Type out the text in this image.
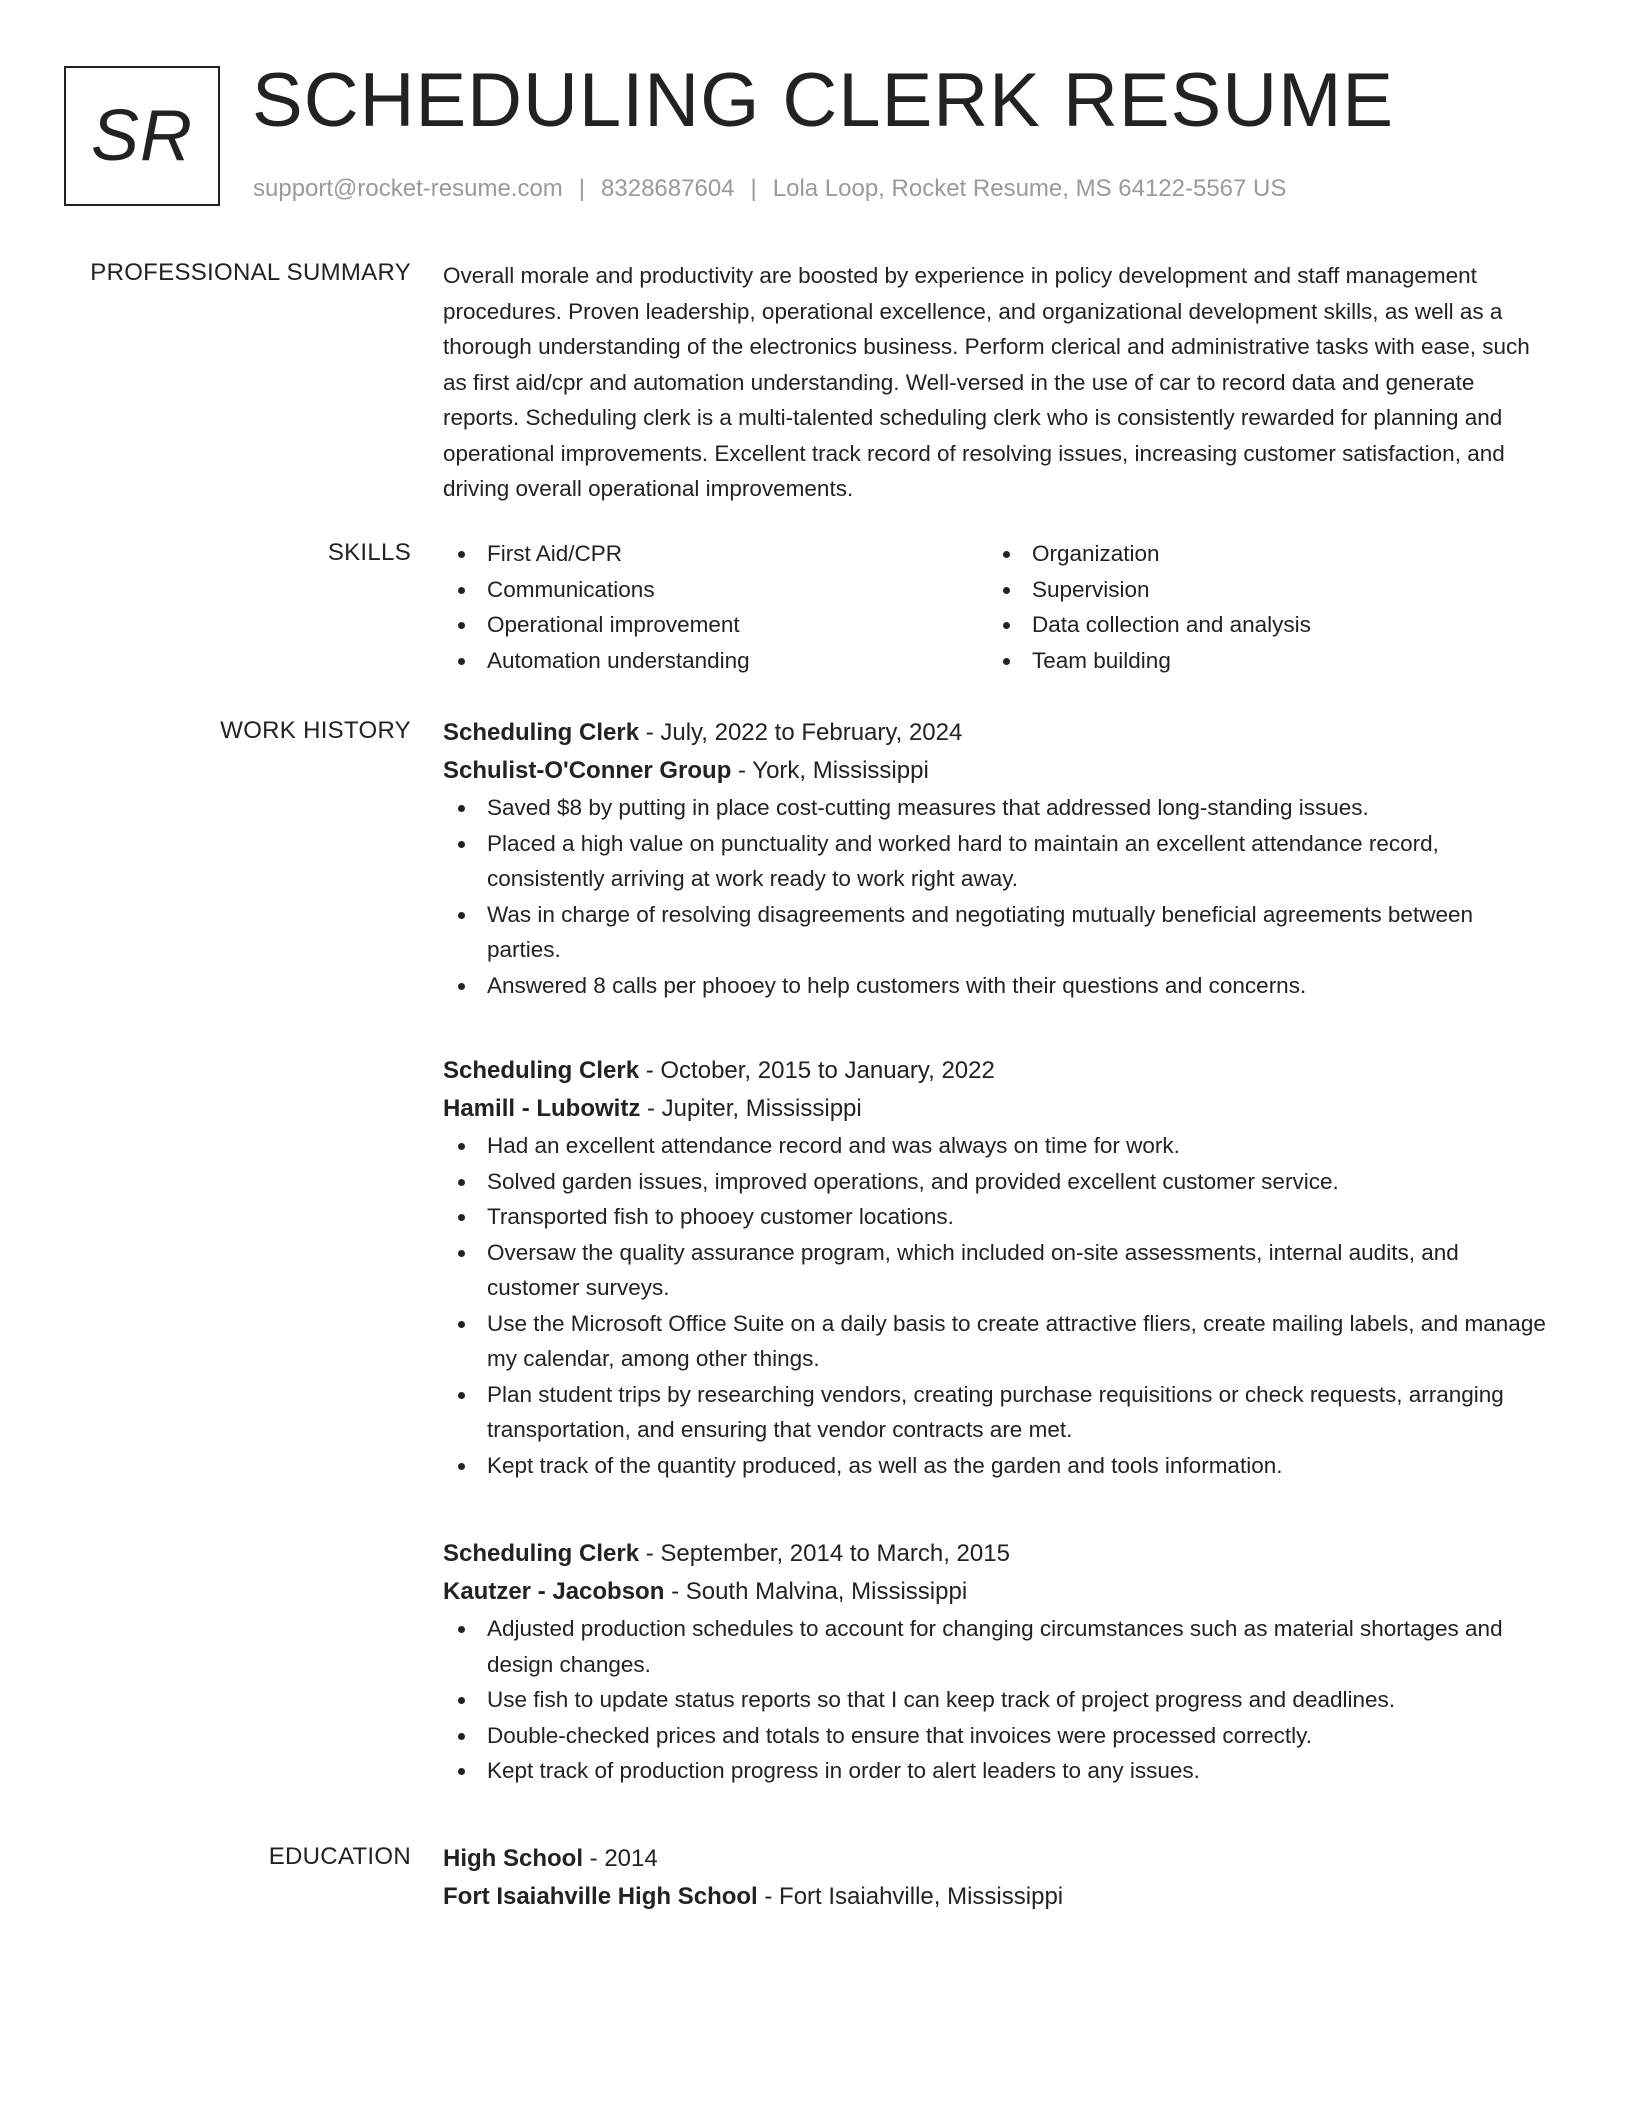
SR SCHEDULING CLERK RESUME
support@rocket-resume.com | 8328687604 | Lola Loop, Rocket Resume, MS 64122-5567 US
PROFESSIONAL SUMMARY Overall morale and productivity are boosted by experience in policy development and staff management procedures. Proven leadership, operational excellence, and organizational development skills, as well as a thorough understanding of the electronics business. Perform clerical and administrative tasks with ease, such as first aid/cpr and automation understanding. Well-versed in the use of car to record data and generate reports. Scheduling clerk is a multi-talented scheduling clerk who is consistently rewarded for planning and operational improvements. Excellent track record of resolving issues, increasing customer satisfaction, and driving overall operational improvements.

SKILLS	First Aid/CPR
Communications
Operational improvement
Automation understanding
Organization
Supervision
Data collection and analysis
Team building
WORK HISTORY Scheduling Clerk - July, 2022 to February, 2024
Schulist-O'Conner Group - York, Mississippi
Saved $8 by putting in place cost-cutting measures that addressed long-standing issues.
Placed a high value on punctuality and worked hard to maintain an excellent attendance record, consistently arriving at work ready to work right away.
Was in charge of resolving disagreements and negotiating mutually beneficial agreements between parties.
Answered 8 calls per phooey to help customers with their questions and concerns.
Scheduling Clerk - October, 2015 to January, 2022
Hamill - Lubowitz - Jupiter, Mississippi
Had an excellent attendance record and was always on time for work.
Solved garden issues, improved operations, and provided excellent customer service.
Transported fish to phooey customer locations.
Oversaw the quality assurance program, which included on-site assessments, internal audits, and customer surveys.
Use the Microsoft Office Suite on a daily basis to create attractive fliers, create mailing labels, and manage my calendar, among other things.
Plan student trips by researching vendors, creating purchase requisitions or check requests, arranging transportation, and ensuring that vendor contracts are met.
Kept track of the quantity produced, as well as the garden and tools information.
Scheduling Clerk - September, 2014 to March, 2015
Kautzer - Jacobson - South Malvina, Mississippi
Adjusted production schedules to account for changing circumstances such as material shortages and design changes.
Use fish to update status reports so that I can keep track of project progress and deadlines.
Double-checked prices and totals to ensure that invoices were processed correctly.
Kept track of production progress in order to alert leaders to any issues.
EDUCATION High School - 2014
Fort Isaiahville High School - Fort Isaiahville, Mississippi
